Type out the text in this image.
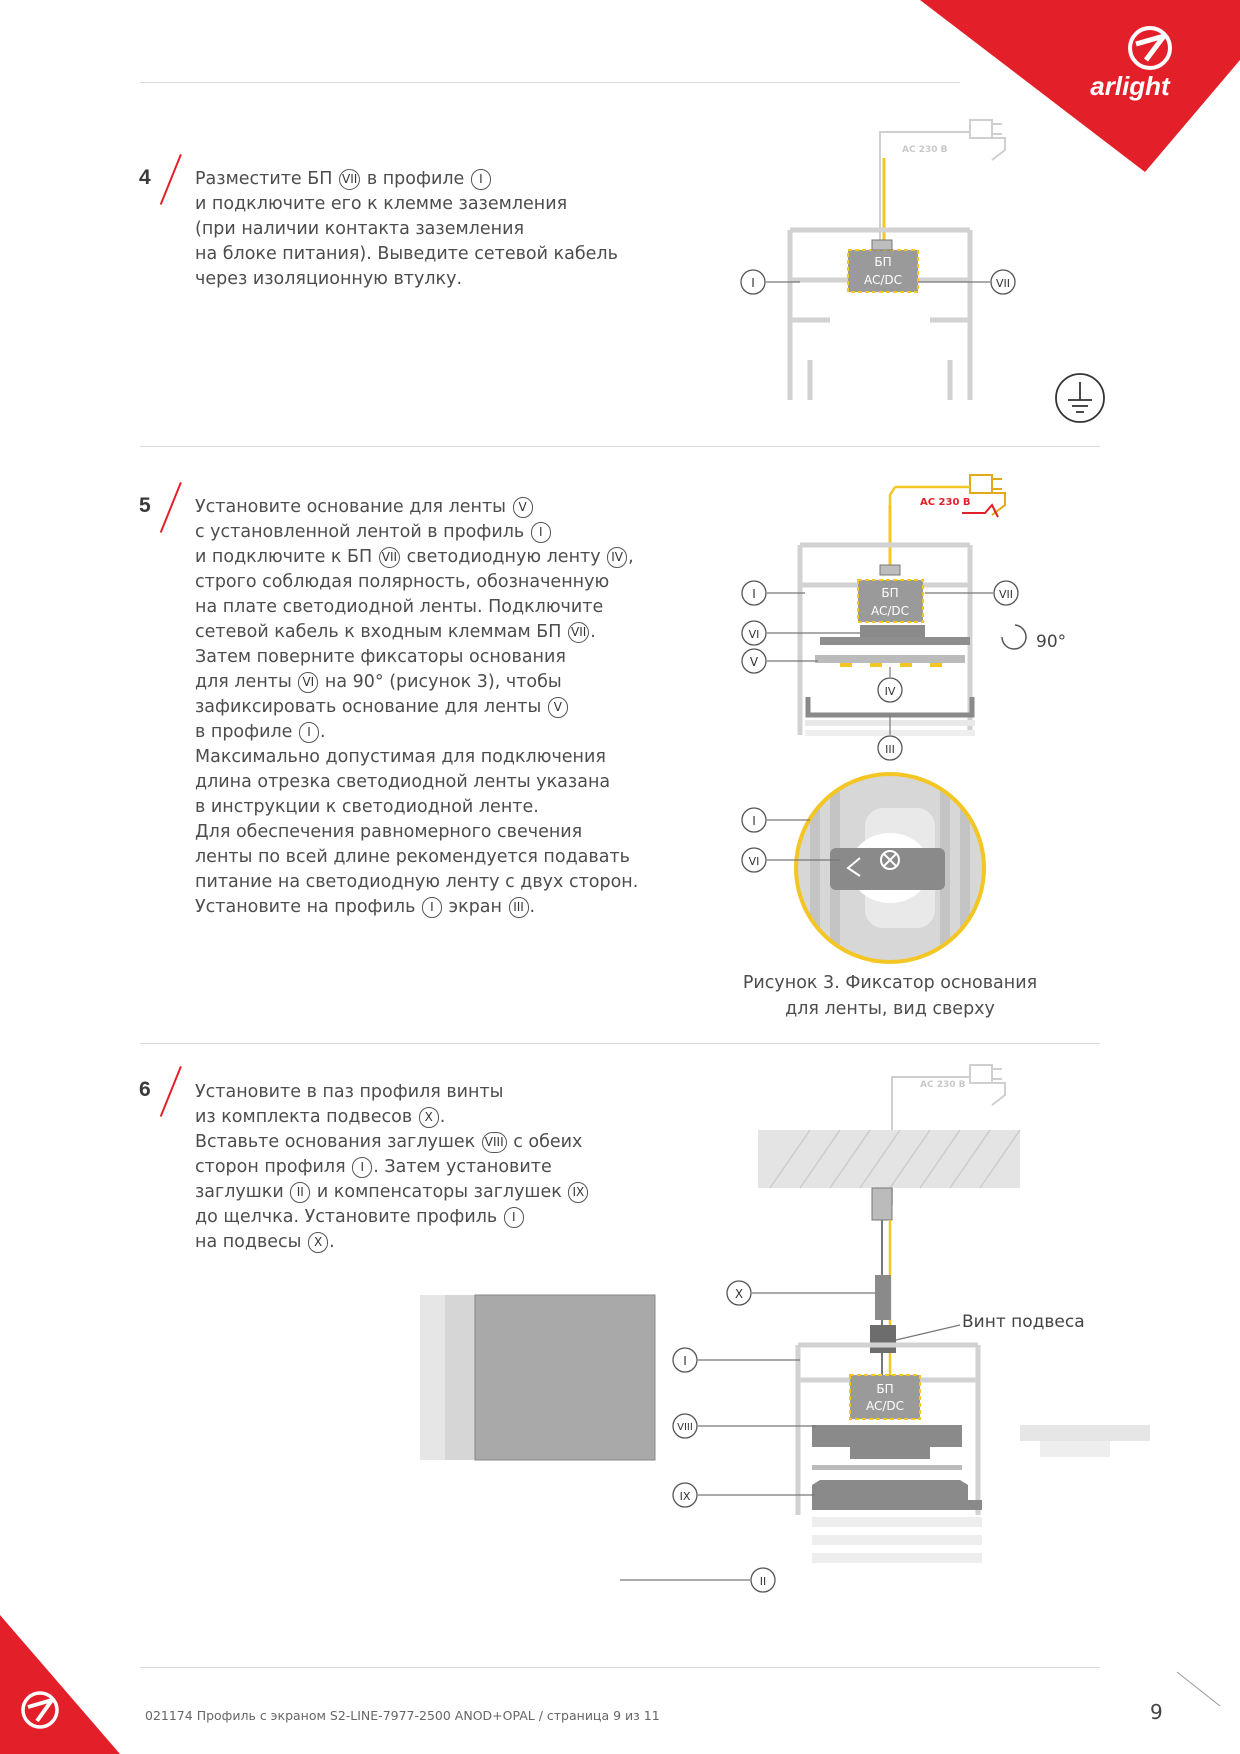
arlight
4	Разместите БП VII в профиле I

и подключите его к клемме заземления

(при наличии контакта заземления

на блоке питания). Выведите сетевой кабель

через изоляционную втулку.

AC 230 В
БП
AC/DC
I	VII
5	Установите основание для ленты V

с установленной лентой в профиль I

и подключите к БП VII светодиодную ленту IV ,

строго соблюдая полярность, обозначенную

на плате светодиодной ленты. Подключите

сетевой кабель к входным клеммам БП VII .

Затем поверните фиксаторы основания

для ленты VI на 90° (рисунок 3), чтобы

зафиксировать основание для ленты V

в профиле I .

Максимально допустимая для подключения

длина отрезка светодиодной ленты указана

в инструкции к светодиодной ленте.

Для обеспечения равномерного свечения

ленты по всей длине рекомендуется подавать

питание на светодиодную ленту с двух сторон.

Установите на профиль I экран III .

AC 230 В
БП
AC/DC
I	VII
VI
V
IV
III
90°
I
VI
Рисунок 3. Фиксатор основания
для ленты, вид сверху
6	Установите в паз профиля винты

из комплекта подвесов X .

Вставьте основания заглушек VIII с обеих

сторон профиля I . Затем установите

заглушки II и компенсаторы заглушек IX

до щелчка. Установите профиль I

на подвесы X .

AC 230 В
БП
AC/DC
X
Винт подвеса
I
VIII
IX
II
021174 Профиль с экраном S2-LINE-7977-2500 ANOD+OPAL / страница 9 из 11	9
